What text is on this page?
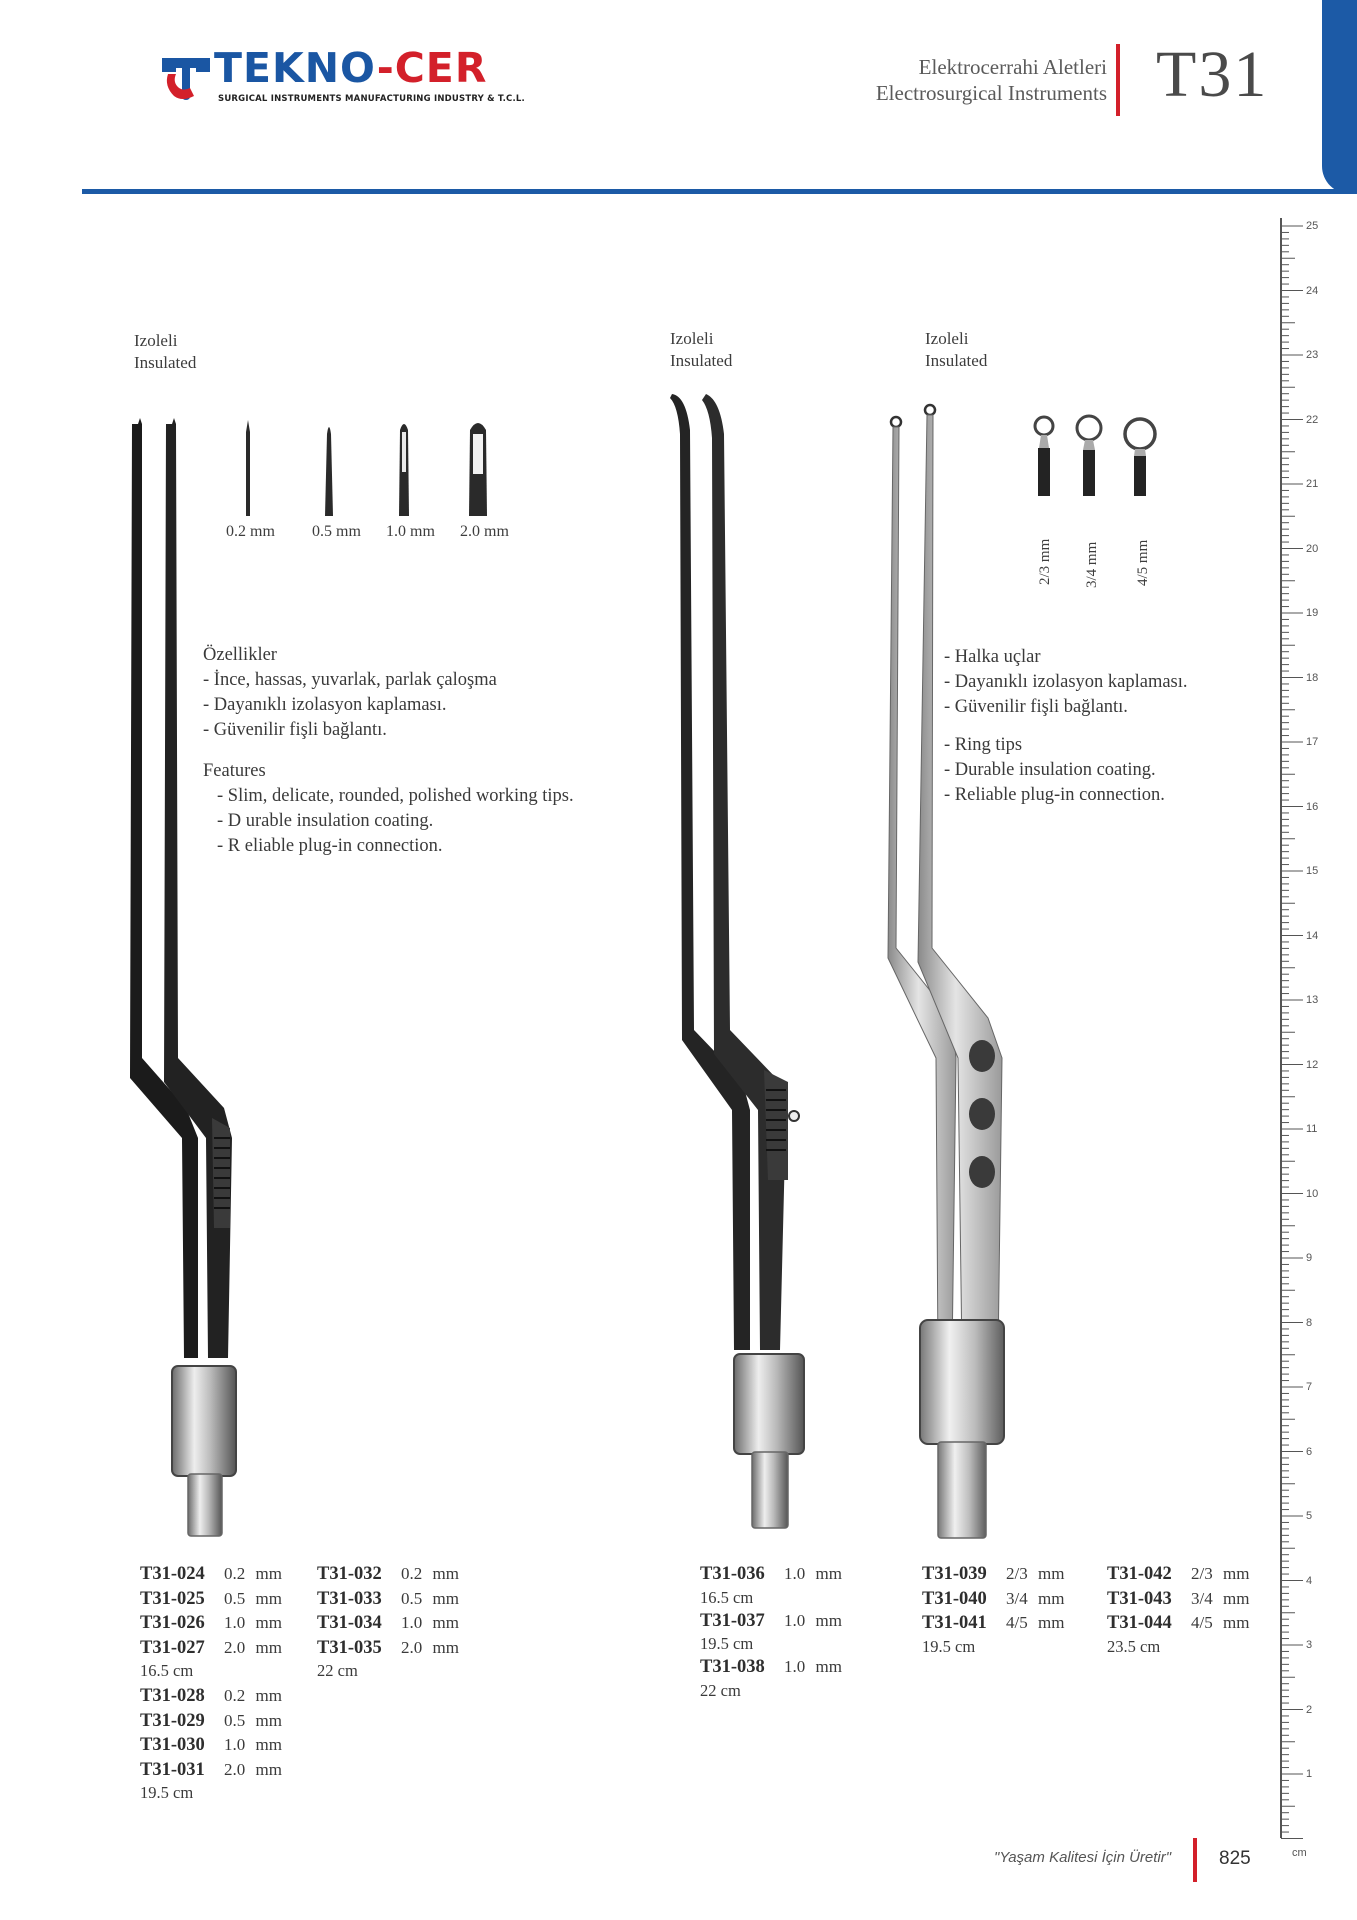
TEKNO-CER
SURGICAL INSTRUMENTS MANUFACTURING INDUSTRY & T.C.L.
Elektrocerrahi Aletleri
Electrosurgical Instruments T31
25
24
23
22
21
20
19
18
17
16
15
14
13
12
11
10
9
8
7
6
5
4
3
2
1
cm
Izoleli
Insulated
0.2 mm 0.5 mm 1.0 mm 2.0 mm
Özellikler
- İnce, hassas, yuvarlak, parlak çaloşma
- Dayanıklı izolasyon kaplaması.
- Güvenilir fişli bağlantı.
Features
- Slim, delicate, rounded, polished working tips.
- D urable insulation coating.
- R eliable plug-in connection.
T31-024 0.2 mm
T31-025 0.5 mm
T31-026 1.0 mm
T31-027 2.0 mm
16.5 cm
T31-028 0.2 mm
T31-029 0.5 mm
T31-030 1.0 mm
T31-031 2.0 mm
19.5 cm
T31-032 0.2 mm
T31-033 0.5 mm
T31-034 1.0 mm
T31-035 2.0 mm
22 cm
Izoleli
Insulated
T31-036 1.0 mm
16.5 cm
T31-037 1.0 mm
19.5 cm
T31-038 1.0 mm
22 cm
Izoleli
Insulated
2/3 mm 3/4 mm 4/5 mm
- Halka uçlar
- Dayanıklı izolasyon kaplaması.
- Güvenilir fişli bağlantı.
- Ring tips
- Durable insulation coating.
- Reliable plug-in connection.
T31-039 2/3 mm
T31-040 3/4 mm
T31-041 4/5 mm
19.5 cm
T31-042 2/3 mm
T31-043 3/4 mm
T31-044 4/5 mm
23.5 cm
"Yaşam Kalitesi İçin Üretir"	825
